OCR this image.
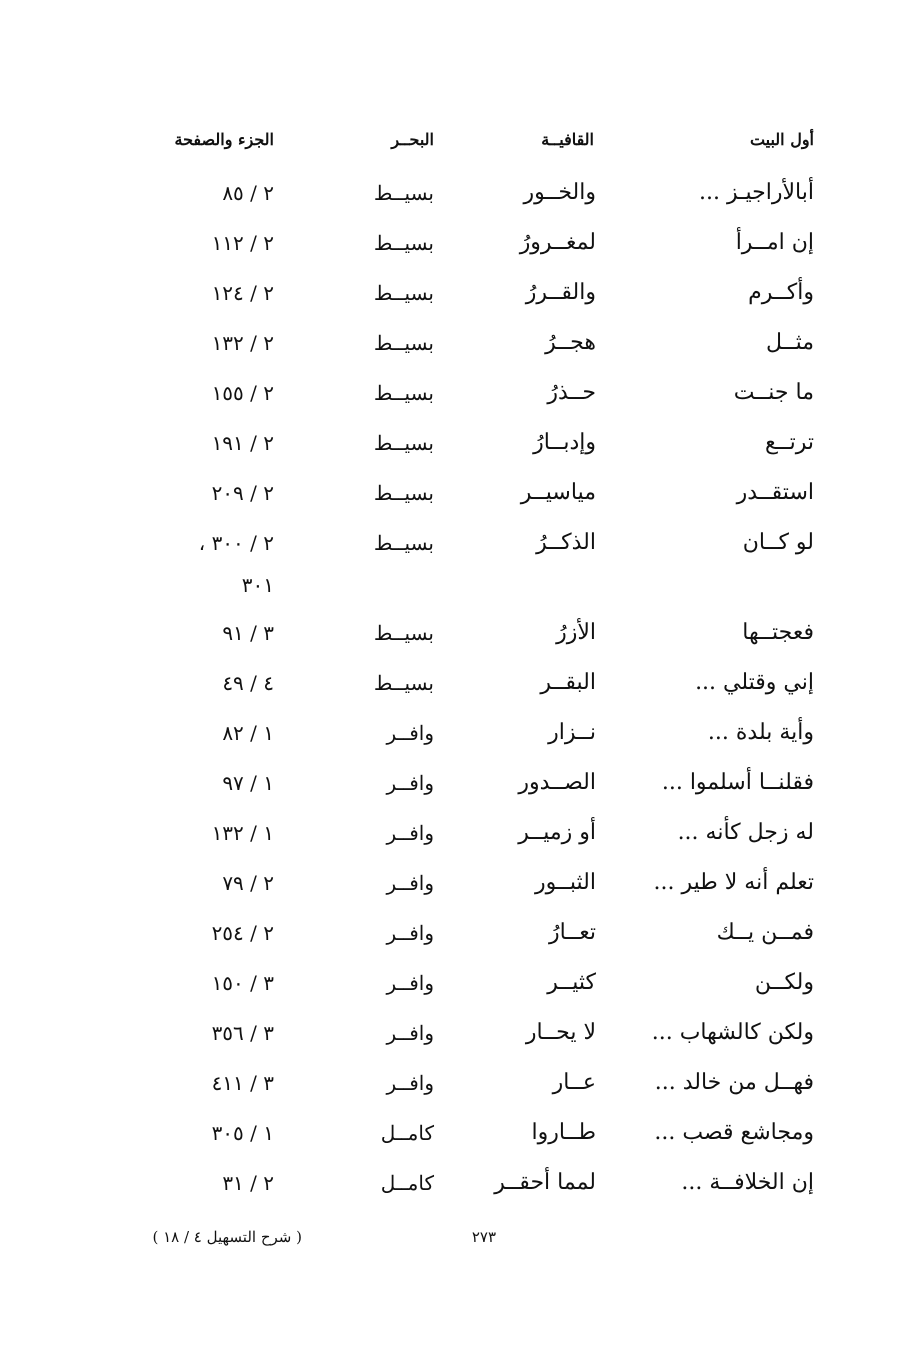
أول البيت
القافيــة
البحــر
الجزء والصفحة
أبالأراجيـز ...
والخــور
بسيــط
٢ / ٨٥
إن امــرأ
لمغــرورُ
بسيــط
٢ / ١١٢
وأكــرم
والقــررُ
بسيــط
٢ / ١٢٤
مثــل
هجــرُ
بسيــط
٢ / ١٣٢
ما جنــت
حــذرُ
بسيــط
٢ / ١٥٥
ترتــع
وإدبــارُ
بسيــط
٢ / ١٩١
استقــدر
مياسيــر
بسيــط
٢ / ٢٠٩
لو كــان
الذكــرُ
بسيــط
٢ / ٣٠٠ ،
٣٠١
فعجتــها
الأزرُ
بسيــط
٣ / ٩١
إني وقتلي ...
البقــر
بسيــط
٤ / ٤٩
وأية بلدة ...
نــزار
وافــر
١ / ٨٢
فقلنــا أسلموا ...
الصــدور
وافــر
١ / ٩٧
له زجل كأنه ...
أو زميــر
وافــر
١ / ١٣٢
تعلم أنه لا طير ...
الثبــور
وافــر
٢ / ٧٩
فمــن يــك
تعــارُ
وافــر
٢ / ٢٥٤
ولكــن
كثيــر
وافــر
٣ / ١٥٠
ولكن كالشهاب ...
لا يحــار
وافــر
٣ / ٣٥٦
فهــل من خالد ...
عــار
وافــر
٣ / ٤١١
ومجاشع قصب ...
طــاروا
كامــل
١ / ٣٠٥
إن الخلافــة ...
لمما أحقــر
كامــل
٢ / ٣١
٢٧٣
( شرح التسهيل ٤ / ١٨ )
